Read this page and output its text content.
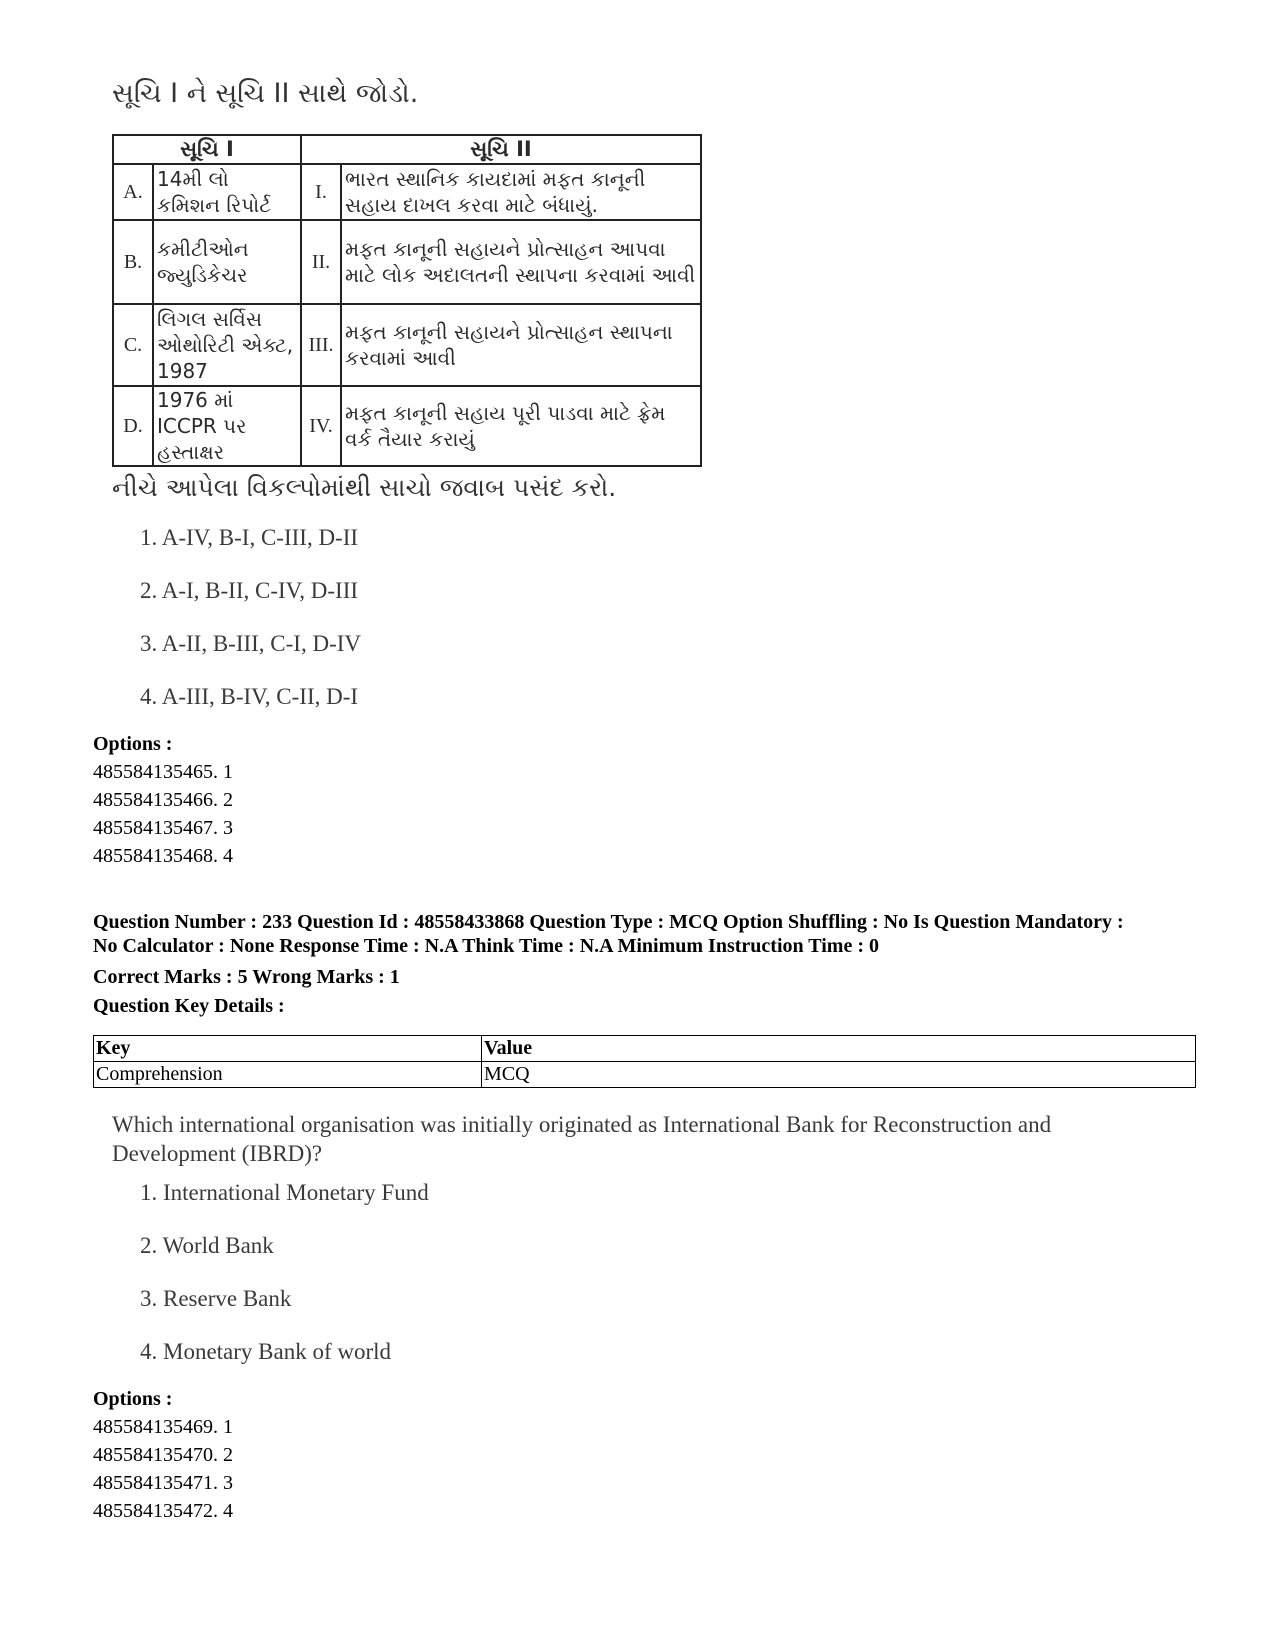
સૂચિ I ને સૂચિ II સાથે જોડો.
સૂચિ I		સૂચિ II	
A.	14મી લો કમિશન રિપોર્ટ	I.	ભારત સ્થાનિક કાયદામાં મફત કાનૂની સહાય દાખલ કરવા માટે બંધાયું.
B.	કમીટીઓન જ્યુડિકેચર	II.	મફત કાનૂની સહાયને પ્રોત્સાહન આપવા માટે લોક અદાલતની સ્થાપના કરવામાં આવી
C.	લિગલ સર્વિસ ઓથોરિટી એક્ટ, 1987	III.	મફત કાનૂની સહાયને પ્રોત્સાહન સ્થાપના કરવામાં આવી
D.	1976 માં ICCPR પર હસ્તાક્ષર	IV.	મફત કાનૂની સહાય પૂરી પાડવા માટે ફ્રેમ વર્ક તૈયાર કરાયું
નીચે આપેલા વિકલ્પોમાંથી સાચો જવાબ પસંદ કરો.
1. A-IV, B-I, C-III, D-II
2. A-I, B-II, C-IV, D-III
3. A-II, B-III, C-I, D-IV
4. A-III, B-IV, C-II, D-I
Options :
485584135465. 1
485584135466. 2
485584135467. 3
485584135468. 4
Question Number : 233 Question Id : 48558433868 Question Type : MCQ Option Shuffling : No Is Question Mandatory :
No Calculator : None Response Time : N.A Think Time : N.A Minimum Instruction Time : 0
Correct Marks : 5 Wrong Marks : 1
Question Key Details :
Key	Value
Comprehension	MCQ
Which international organisation was initially originated as International Bank for Reconstruction and Development (IBRD)?
1. International Monetary Fund
2. World Bank
3. Reserve Bank
4. Monetary Bank of world
Options :
485584135469. 1
485584135470. 2
485584135471. 3
485584135472. 4
